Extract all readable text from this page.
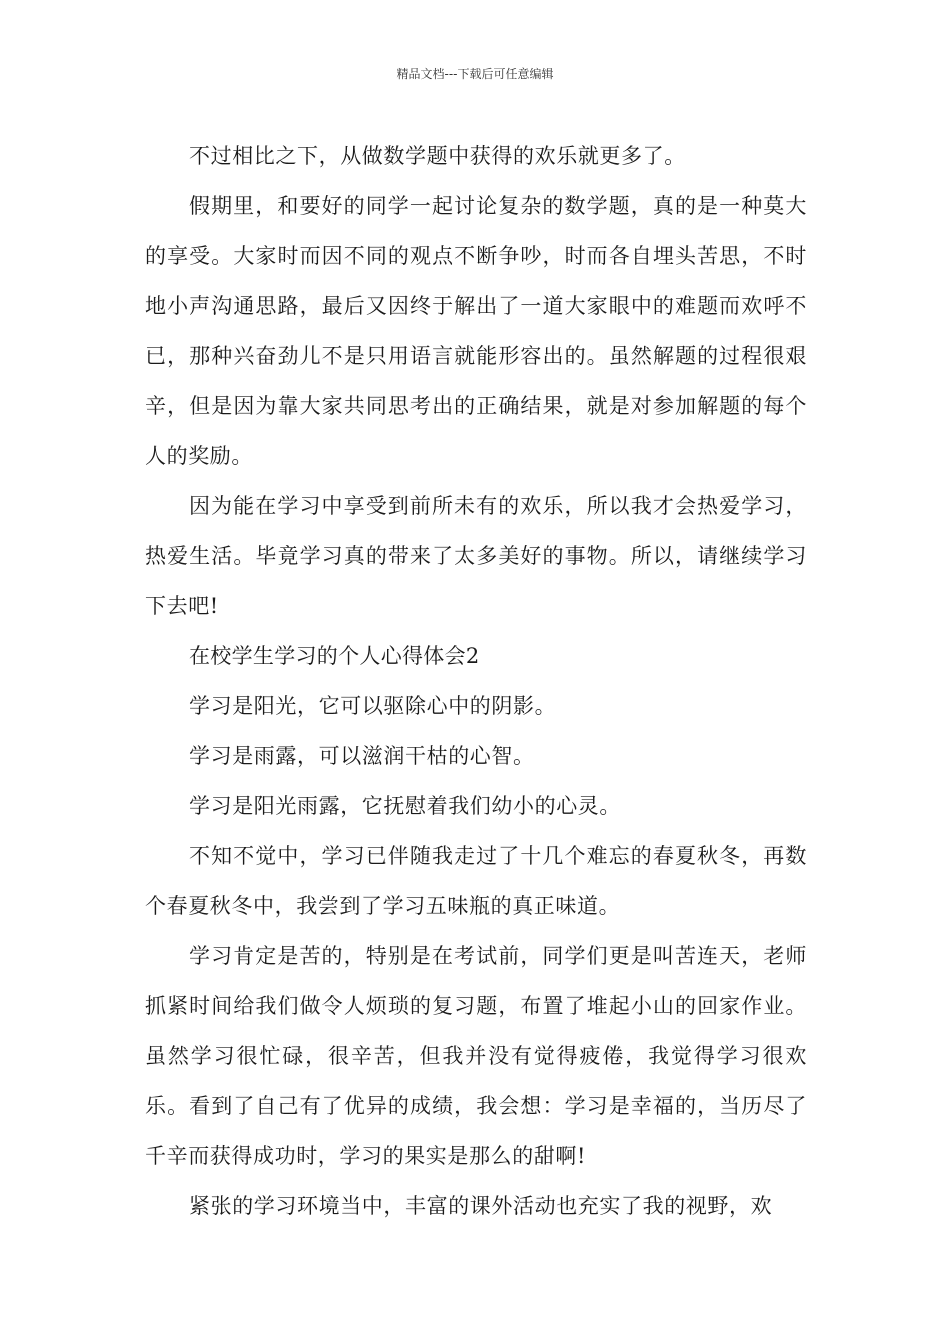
精品文档---下载后可任意编辑

不过相比之下，从做数学题中获得的欢乐就更多了。

假期里，和要好的同学一起讨论复杂的数学题，真的是一种莫大的享受。大家时而因不同的观点不断争吵，时而各自埋头苦思，不时地小声沟通思路，最后又因终于解出了一道大家眼中的难题而欢呼不已，那种兴奋劲儿不是只用语言就能形容出的。虽然解题的过程很艰辛，但是因为靠大家共同思考出的正确结果，就是对参加解题的每个人的奖励。

因为能在学习中享受到前所未有的欢乐，所以我才会热爱学习，热爱生活。毕竟学习真的带来了太多美好的事物。所以，请继续学习下去吧!

在校学生学习的个人心得体会2

学习是阳光，它可以驱除心中的阴影。

学习是雨露，可以滋润干枯的心智。

学习是阳光雨露，它抚慰着我们幼小的心灵。

不知不觉中，学习已伴随我走过了十几个难忘的春夏秋冬，再数个春夏秋冬中，我尝到了学习五味瓶的真正味道。

学习肯定是苦的，特别是在考试前，同学们更是叫苦连天，老师抓紧时间给我们做令人烦琐的复习题，布置了堆起小山的回家作业。虽然学习很忙碌，很辛苦，但我并没有觉得疲倦，我觉得学习很欢乐。看到了自己有了优异的成绩，我会想：学习是幸福的，当历尽了千辛而获得成功时，学习的果实是那么的甜啊!

紧张的学习环境当中，丰富的课外活动也充实了我的视野，欢
